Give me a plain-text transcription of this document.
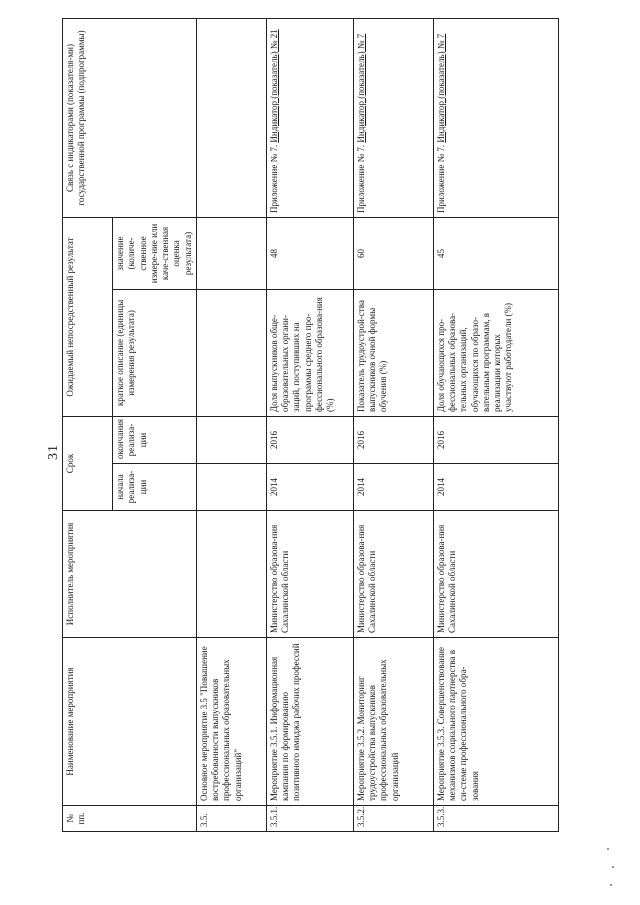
31
№ пп.	Наименование мероприятия	Исполнитель мероприятия	Срок		Ожидаемый непосредственный результат		Связь с индикаторами (показателя-ми) государственной программы (подпрограммы)
			начала реализа-ции	окончания реализа-ции	краткое описание (единицы измерения результата)	значение (количе-ственное измере-ние или каче-ственная оценка результата)	
3.5.	Основное мероприятие 3.5 "Повышение востребованности выпускников профессиональных образовательных организаций"						
3.5.1.	Мероприятие 3.5.1. Информационная кампания по формированию позитивного имиджа рабочих профессий	Министерство образова-ния Сахалинской области	2014	2016	Доля выпускников обще-образовательных органи-заций, поступивших на программы среднего про-фессионального образова-ния (%)	48	Приложение № 7. Индикатор (показатель) № 21
3.5.2.	Мероприятие 3.5.2. Мониторинг трудоустройства выпускников профессиональных образовательных организаций	Министерство образова-ния Сахалинской области	2014	2016	Показатель трудоустрой-ства выпускников очной формы обучения (%)	60	Приложение № 7. Индикатор (показатель) № 7
3.5.3.	Мероприятие 3.5.3. Совершенствование механизмов социального партнерства в си-стеме профессионального обра-зования	Министерство образова-ния Сахалинской области	2014	2016	Доля обучающихся про-фессиональных образова-тельных организаций, обучающихся по образо-вательным программам, в реализации которых участвуют работодатели (%)	45	Приложение № 7. Индикатор (показатель) № 7
